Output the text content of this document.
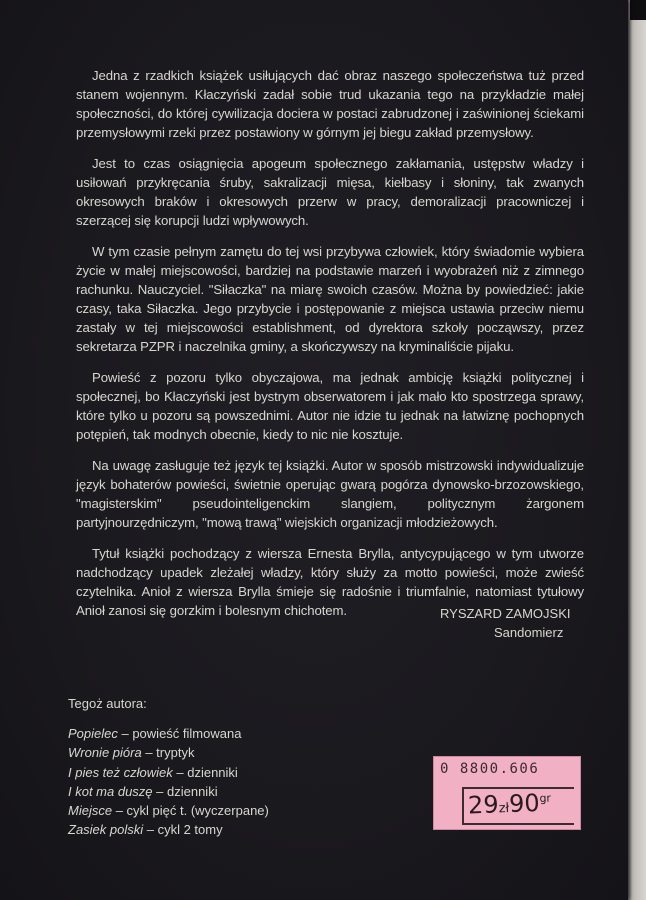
Jedna z rzadkich książek usiłujących dać obraz naszego społeczeństwa tuż przed stanem wojennym. Kłaczyński zadał sobie trud ukazania tego na przykładzie małej społeczności, do której cywilizacja dociera w postaci zabrudzonej i zaświnionej ściekami przemysłowymi rzeki przez postawiony w górnym jej biegu zakład przemysłowy.

Jest to czas osiągnięcia apogeum społecznego zakłamania, ustępstw władzy i usiłowań przykręcania śruby, sakralizacji mięsa, kiełbasy i słoniny, tak zwanych okresowych braków i okresowych przerw w pracy, demoralizacji pracowniczej i szerzącej się korupcji ludzi wpływowych.

W tym czasie pełnym zamętu do tej wsi przybywa człowiek, który świadomie wybiera życie w małej miejscowości, bardziej na podstawie marzeń i wyobrażeń niż z zimnego rachunku. Nauczyciel. "Siłaczka" na miarę swoich czasów. Można by powiedzieć: jakie czasy, taka Siłaczka. Jego przybycie i postępowanie z miejsca ustawia przeciw niemu zastały w tej miejscowości establishment, od dyrektora szkoły począwszy, przez sekretarza PZPR i naczelnika gminy, a skończywszy na kryminaliście pijaku.

Powieść z pozoru tylko obyczajowa, ma jednak ambicję książki politycznej i społecznej, bo Kłaczyński jest bystrym obserwatorem i jak mało kto spostrzega sprawy, które tylko u pozoru są powszednimi. Autor nie idzie tu jednak na łatwiznę pochopnych potępień, tak modnych obecnie, kiedy to nic nie kosztuje.

Na uwagę zasługuje też język tej książki. Autor w sposób mistrzowski indywidualizuje język bohaterów powieści, świetnie operując gwarą pogórza dynowsko-brzozowskiego, "magisterskim" pseudointeligenckim slangiem, politycznym żargonem partyjnourzędniczym, "mową trawą" wiejskich organizacji młodzieżowych.

Tytuł książki pochodzący z wiersza Ernesta Brylla, antycypującego w tym utworze nadchodzący upadek zleżałej władzy, który służy za motto powieści, może zwieść czytelnika. Anioł z wiersza Brylla śmieje się radośnie i triumfalnie, natomiast tytułowy Anioł zanosi się gorzkim i bolesnym chichotem.	RYSZARD ZAMOJSKI
Sandomierz
Tegoż autora:
Popielec – powieść filmowana
Wronie pióra – tryptyk
I pies też człowiek – dzienniki
I kot ma duszę – dzienniki
Miejsce – cykl pięć t. (wyczerpane)
Zasiek polski – cykl 2 tomy
0 8800.606
$29zł90^{gr}$
